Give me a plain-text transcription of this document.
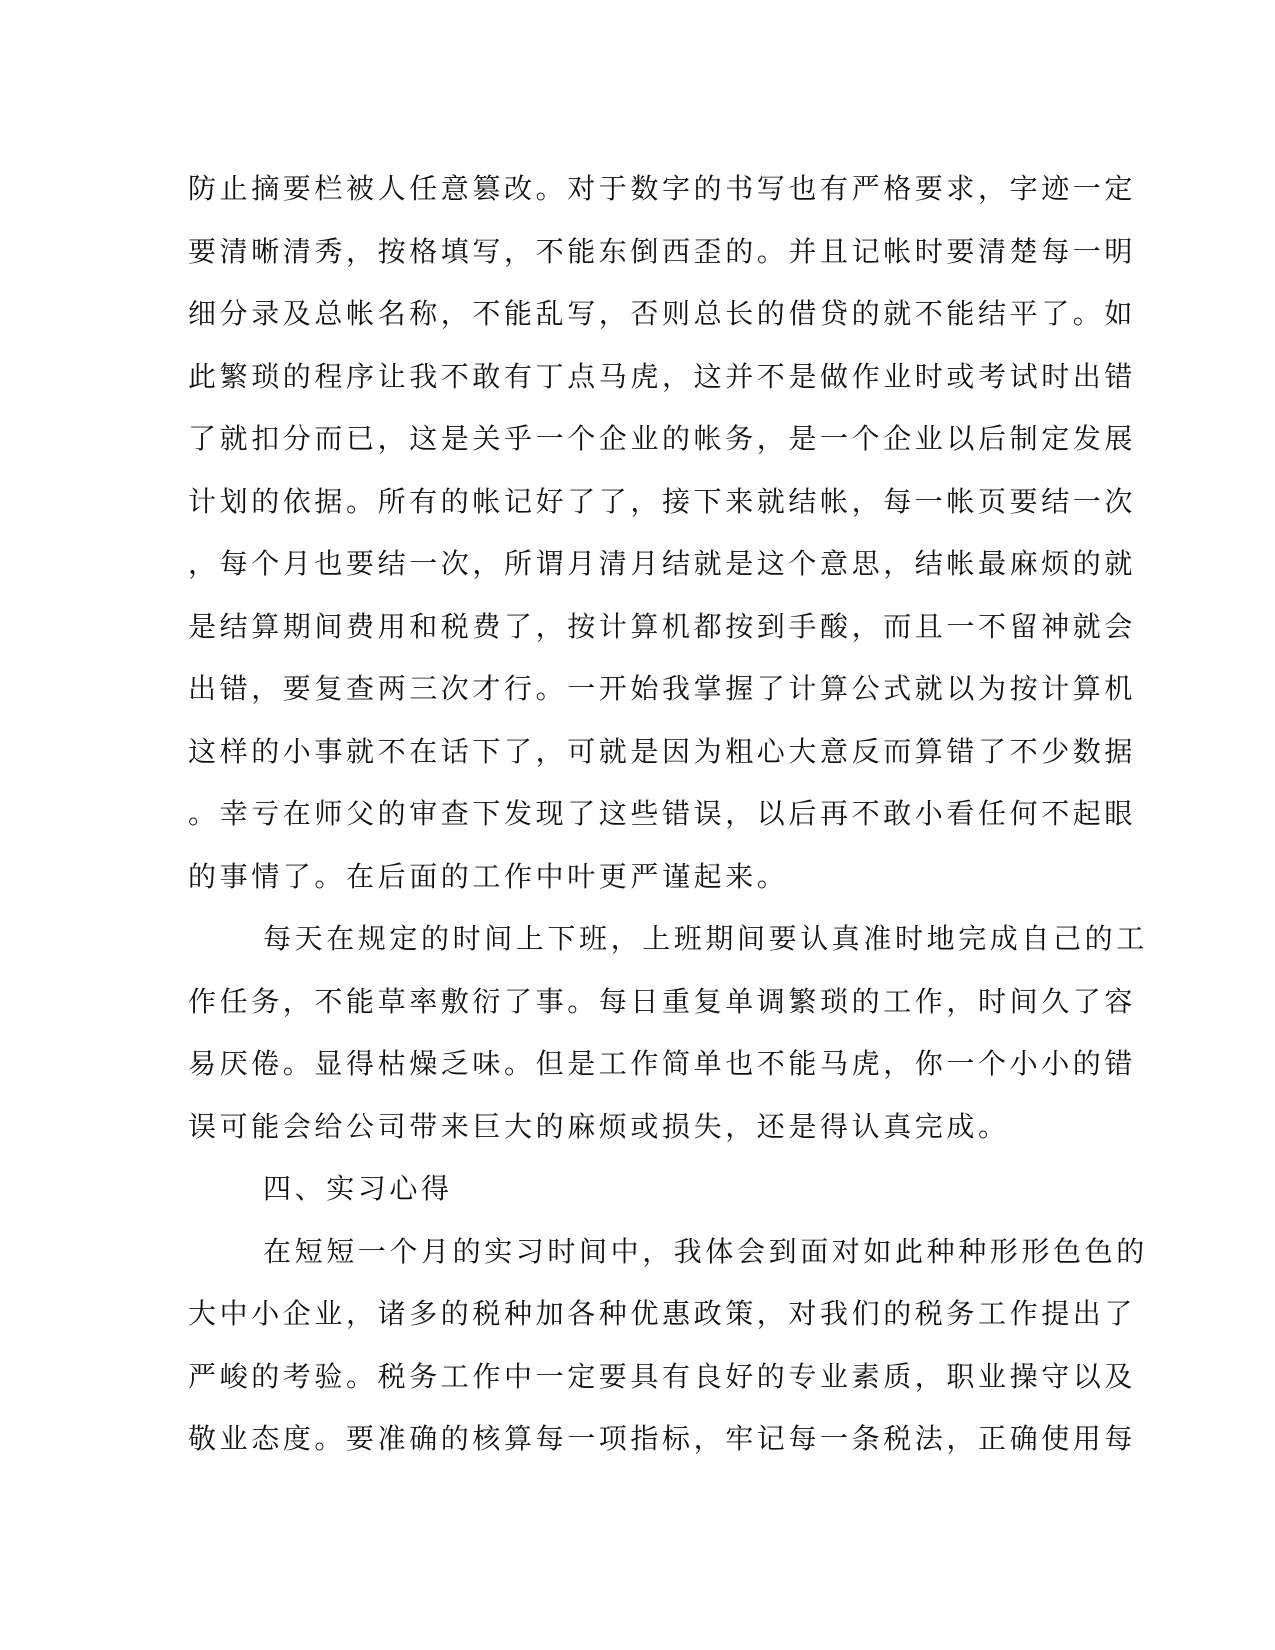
防止摘要栏被人任意篡改。对于数字的书写也有严格要求，字迹一定
要清晰清秀，按格填写，不能东倒西歪的。并且记帐时要清楚每一明
细分录及总帐名称，不能乱写，否则总长的借贷的就不能结平了。如
此繁琐的程序让我不敢有丁点马虎，这并不是做作业时或考试时出错
了就扣分而已，这是关乎一个企业的帐务，是一个企业以后制定发展
计划的依据。所有的帐记好了了，接下来就结帐，每一帐页要结一次
，每个月也要结一次，所谓月清月结就是这个意思，结帐最麻烦的就
是结算期间费用和税费了，按计算机都按到手酸，而且一不留神就会
出错，要复查两三次才行。一开始我掌握了计算公式就以为按计算机
这样的小事就不在话下了，可就是因为粗心大意反而算错了不少数据
。幸亏在师父的审查下发现了这些错误，以后再不敢小看任何不起眼
的事情了。在后面的工作中叶更严谨起来。
每天在规定的时间上下班，上班期间要认真准时地完成自己的工
作任务，不能草率敷衍了事。每日重复单调繁琐的工作，时间久了容
易厌倦。显得枯燥乏味。但是工作简单也不能马虎，你一个小小的错
误可能会给公司带来巨大的麻烦或损失，还是得认真完成。
四、实习心得
在短短一个月的实习时间中，我体会到面对如此种种形形色色的
大中小企业，诸多的税种加各种优惠政策，对我们的税务工作提出了
严峻的考验。税务工作中一定要具有良好的专业素质，职业操守以及
敬业态度。要准确的核算每一项指标，牢记每一条税法，正确使用每
